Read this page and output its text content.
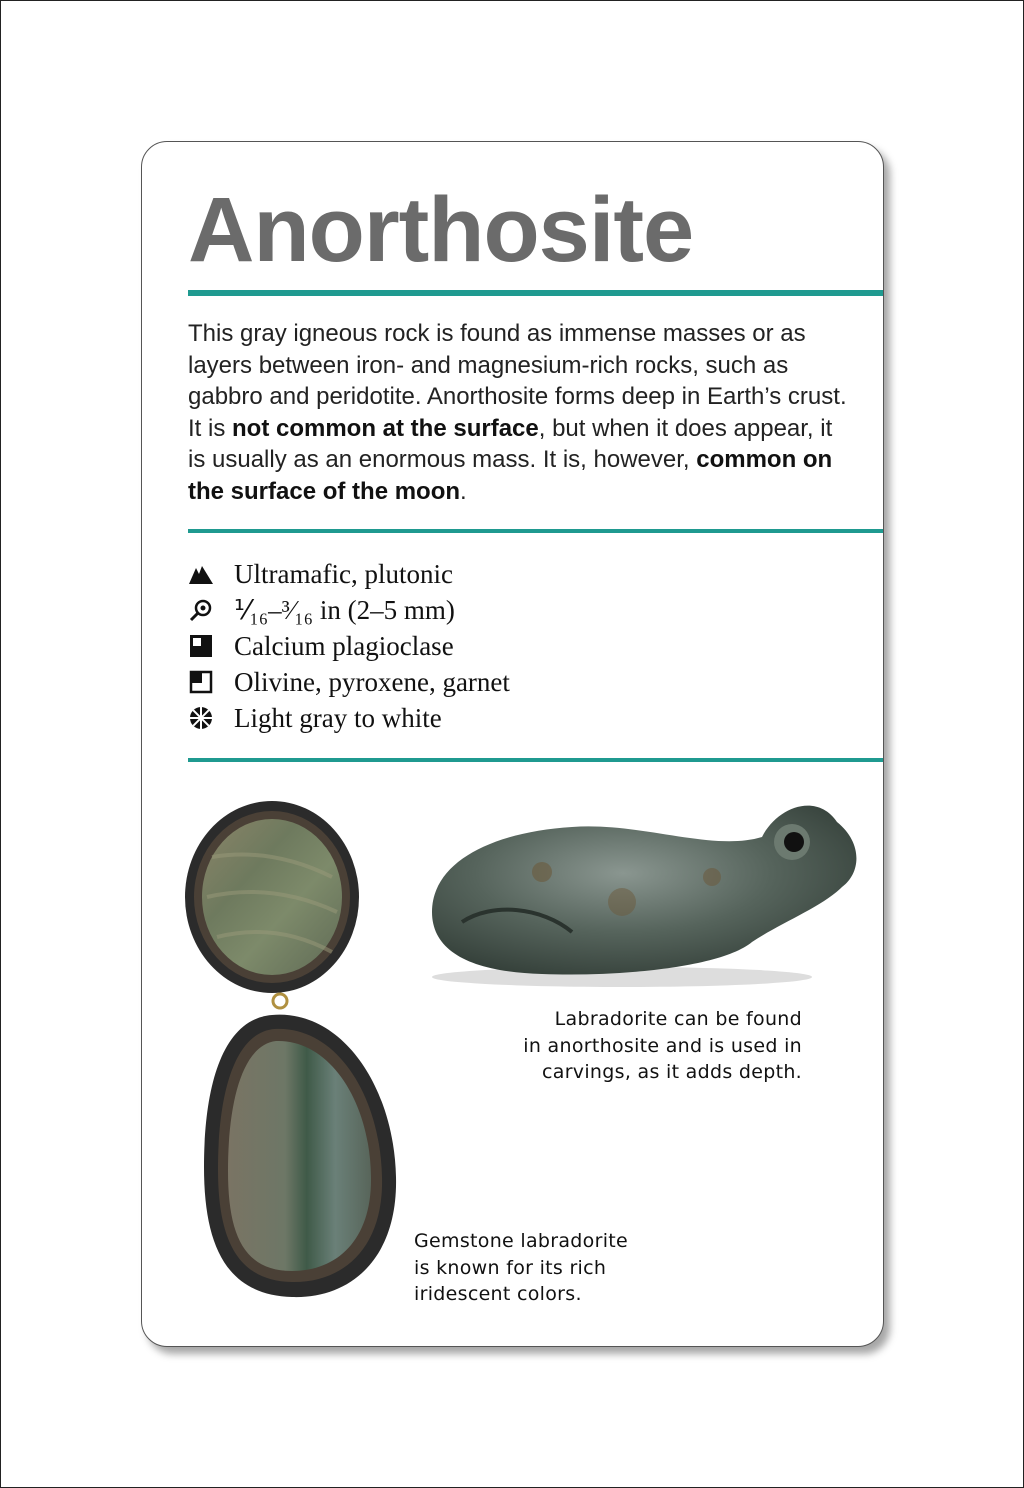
Anorthosite

This gray igneous rock is found as immense masses or as layers between iron- and magnesium-rich rocks, such as gabbro and peridotite. Anorthosite forms deep in Earth’s crust. It is not common at the surface, but when it does appear, it is usually as an enormous mass. It is, however, common on the surface of the moon.

Ultramafic, plutonic
⅟₁₆–³⁄₁₆ in (2–5 mm)
Calcium plagioclase
Olivine, pyroxene, garnet
Light gray to white

Labradorite can be found
in anorthosite and is used in
carvings, as it adds depth.

Gemstone labradorite
is known for its rich
iridescent colors.
